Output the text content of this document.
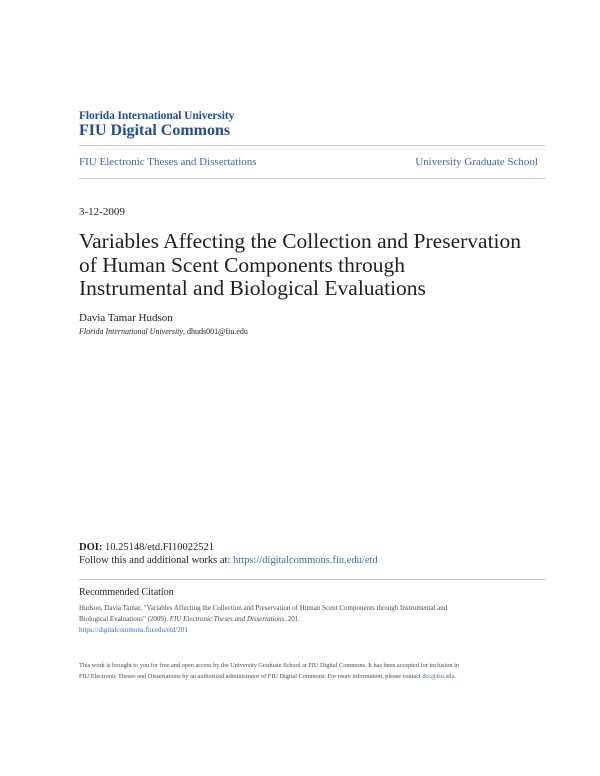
Florida International University
FIU Digital Commons
FIU Electronic Theses and Dissertations	University Graduate School
3-12-2009
Variables Affecting the Collection and Preservation
of Human Scent Components through
Instrumental and Biological Evaluations
Davia Tamar Hudson
Florida International University, dhuds001@fiu.edu
DOI: 10.25148/etd.FI10022521
Follow this and additional works at: https://digitalcommons.fiu.edu/etd
Recommended Citation
Hudson, Davia Tamar, "Variables Affecting the Collection and Preservation of Human Scent Components through Instrumental and
Biological Evaluations" (2009). FIU Electronic Theses and Dissertations. 201.
https://digitalcommons.fiu.edu/etd/201
This work is brought to you for free and open access by the University Graduate School at FIU Digital Commons. It has been accepted for inclusion in
FIU Electronic Theses and Dissertations by an authorized administrator of FIU Digital Commons. For more information, please contact dcc@fiu.edu.
